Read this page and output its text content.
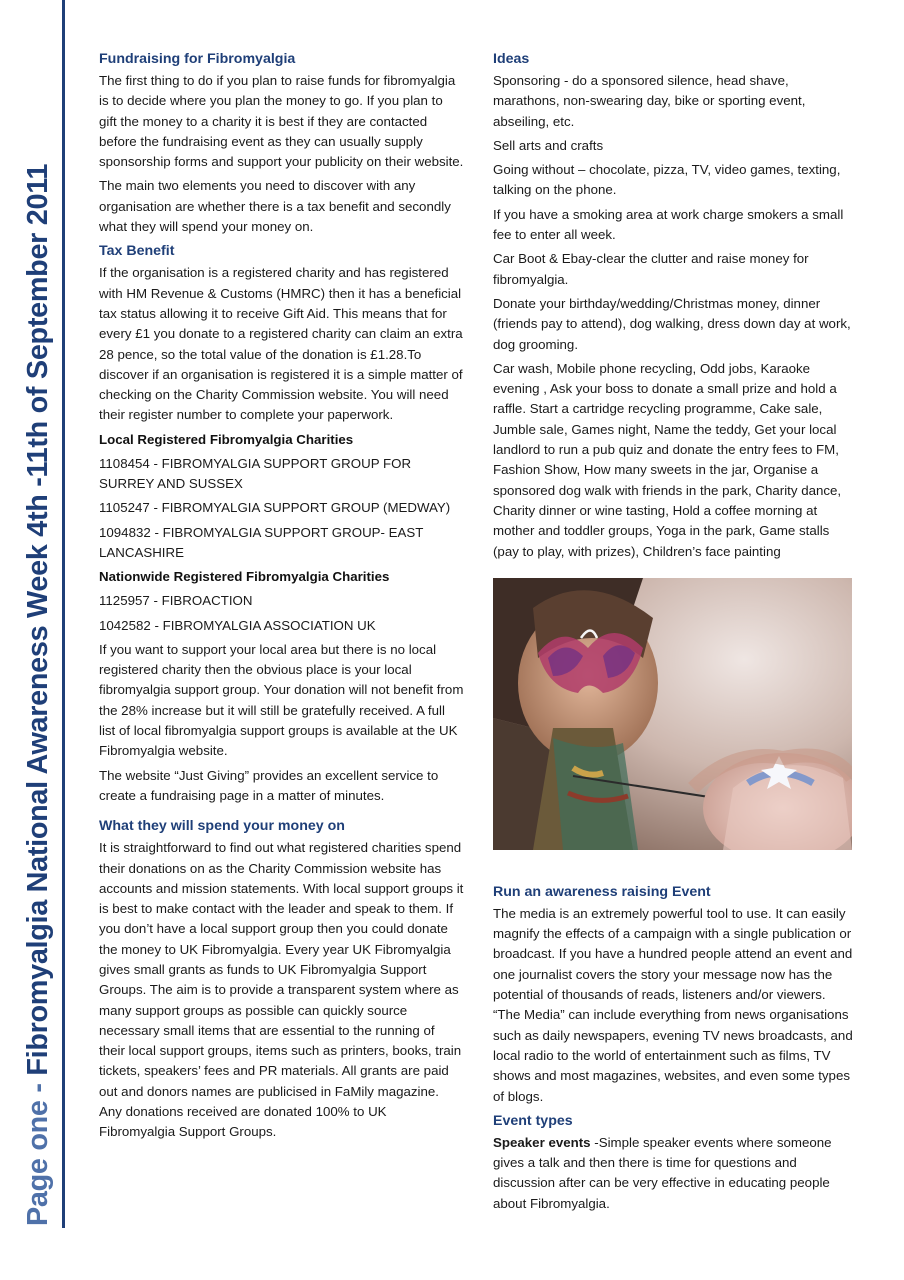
Page one - Fibromyalgia National Awareness Week 4th -11th of September 2011
Fundraising for Fibromyalgia

The first thing to do if you plan to raise funds for fibromyalgia is to decide where you plan the money to go. If you plan to gift the money to a charity it is best if they are contacted before the fundraising event as they can usually supply sponsorship forms and support your publicity on their website.

The main two elements you need to discover with any organisation are whether there is a tax benefit and secondly what they will spend your money on.

Tax Benefit

If the organisation is a registered charity and has registered with HM Revenue & Customs (HMRC) then it has a beneficial tax status allowing it to receive Gift Aid. This means that for every £1 you donate to a registered charity can claim an extra 28 pence, so the total value of the donation is £1.28.To discover if an organisation is registered it is a simple matter of checking on the Charity Commission website. You will need their register number to complete your paperwork.

Local Registered Fibromyalgia Charities

1108454 - FIBROMYALGIA SUPPORT GROUP FOR SURREY AND SUSSEX

1105247 - FIBROMYALGIA SUPPORT GROUP (MEDWAY)

1094832 - FIBROMYALGIA SUPPORT GROUP- EAST LANCASHIRE

Nationwide Registered Fibromyalgia Charities

1125957 - FIBROACTION

1042582 - FIBROMYALGIA ASSOCIATION UK

If you want to support your local area but there is no local registered charity then the obvious place is your local fibromyalgia support group. Your donation will not benefit from the 28% increase but it will still be gratefully received. A full list of local fibromyalgia support groups is available at the UK Fibromyalgia website.

The website “Just Giving” provides an excellent service to create a fundraising page in a matter of minutes.

What they will spend your money on

It is straightforward to find out what registered charities spend their donations on as the Charity Commission website has accounts and mission statements. With local support groups it is best to make contact with the leader and speak to them. If you don’t have a local support group then you could donate the money to UK Fibromyalgia. Every year UK Fibromyalgia gives small grants as funds to UK Fibromyalgia Support Groups. The aim is to provide a transparent system where as many support groups as possible can quickly source necessary small items that are essential to the running of their local support groups, items such as printers, books, train tickets, speakers’ fees and PR materials. All grants are paid out and donors names are publicised in FaMily magazine. Any donations received are donated 100% to UK Fibromyalgia Support Groups.

Ideas

Sponsoring - do a sponsored silence, head shave, marathons, non-swearing day, bike or sporting event, abseiling, etc.

Sell arts and crafts

Going without – chocolate, pizza, TV, video games, texting, talking on the phone.

If you have a smoking area at work charge smokers a small fee to enter all week.

Car Boot & Ebay-clear the clutter and raise money for fibromyalgia.

Donate your birthday/wedding/Christmas money, dinner (friends pay to attend), dog walking, dress down day at work, dog grooming.

Car wash, Mobile phone recycling, Odd jobs, Karaoke evening , Ask your boss to donate a small prize and hold a raffle. Start a cartridge recycling programme, Cake sale, Jumble sale, Games night, Name the teddy, Get your local landlord to run a pub quiz and donate the entry fees to FM, Fashion Show, How many sweets in the jar, Organise a sponsored dog walk with friends in the park, Charity dance, Charity dinner or wine tasting, Hold a coffee morning at mother and toddler groups, Yoga in the park, Game stalls (pay to play, with prizes), Children’s face painting

Run an awareness raising Event

The media is an extremely powerful tool to use. It can easily magnify the effects of a campaign with a single publication or broadcast. If you have a hundred people attend an event and one journalist covers the story your message now has the potential of thousands of reads, listeners and/or viewers. “The Media” can include everything from news organisations such as daily newspapers, evening TV news broadcasts, and local radio to the world of entertainment such as films, TV shows and most magazines, websites, and even some types of blogs.

Event types

Speaker events -Simple speaker events where someone gives a talk and then there is time for questions and discussion after can be very effective in educating people about Fibromyalgia.
